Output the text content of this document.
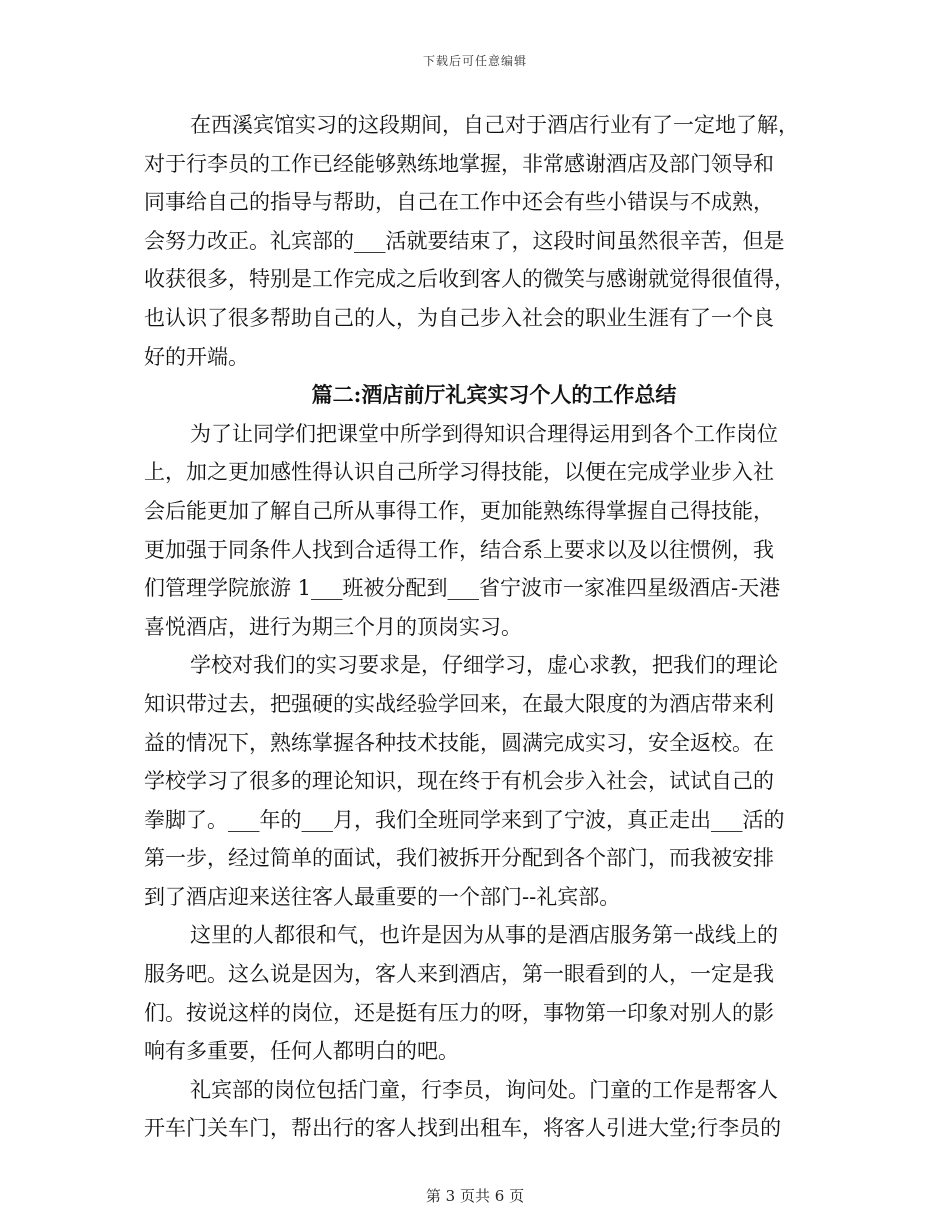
下载后可任意编辑
在西溪宾馆实习的这段期间，自己对于酒店行业有了一定地了解，
对于行李员的工作已经能够熟练地掌握，非常感谢酒店及部门领导和
同事给自己的指导与帮助，自己在工作中还会有些小错误与不成熟，
会努力改正。礼宾部的___活就要结束了，这段时间虽然很辛苦，但是
收获很多，特别是工作完成之后收到客人的微笑与感谢就觉得很值得，
也认识了很多帮助自己的人，为自己步入社会的职业生涯有了一个良
好的开端。
篇二:酒店前厅礼宾实习个人的工作总结
为了让同学们把课堂中所学到得知识合理得运用到各个工作岗位
上，加之更加感性得认识自己所学习得技能，以便在完成学业步入社
会后能更加了解自己所从事得工作，更加能熟练得掌握自己得技能，
更加强于同条件人找到合适得工作，结合系上要求以及以往惯例，我
们管理学院旅游 1___班被分配到___省宁波市一家准四星级酒店-天港
喜悦酒店，进行为期三个月的顶岗实习。
学校对我们的实习要求是，仔细学习，虚心求教，把我们的理论
知识带过去，把强硬的实战经验学回来，在最大限度的为酒店带来利
益的情况下，熟练掌握各种技术技能，圆满完成实习，安全返校。在
学校学习了很多的理论知识，现在终于有机会步入社会，试试自己的
拳脚了。___年的___月，我们全班同学来到了宁波，真正走出___活的
第一步，经过简单的面试，我们被拆开分配到各个部门，而我被安排
到了酒店迎来送往客人最重要的一个部门--礼宾部。
这里的人都很和气，也许是因为从事的是酒店服务第一战线上的
服务吧。这么说是因为，客人来到酒店，第一眼看到的人，一定是我
们。按说这样的岗位，还是挺有压力的呀，事物第一印象对别人的影
响有多重要，任何人都明白的吧。
礼宾部的岗位包括门童，行李员，询问处。门童的工作是帮客人
开车门关车门，帮出行的客人找到出租车，将客人引进大堂;行李员的
第 3 页共 6 页
